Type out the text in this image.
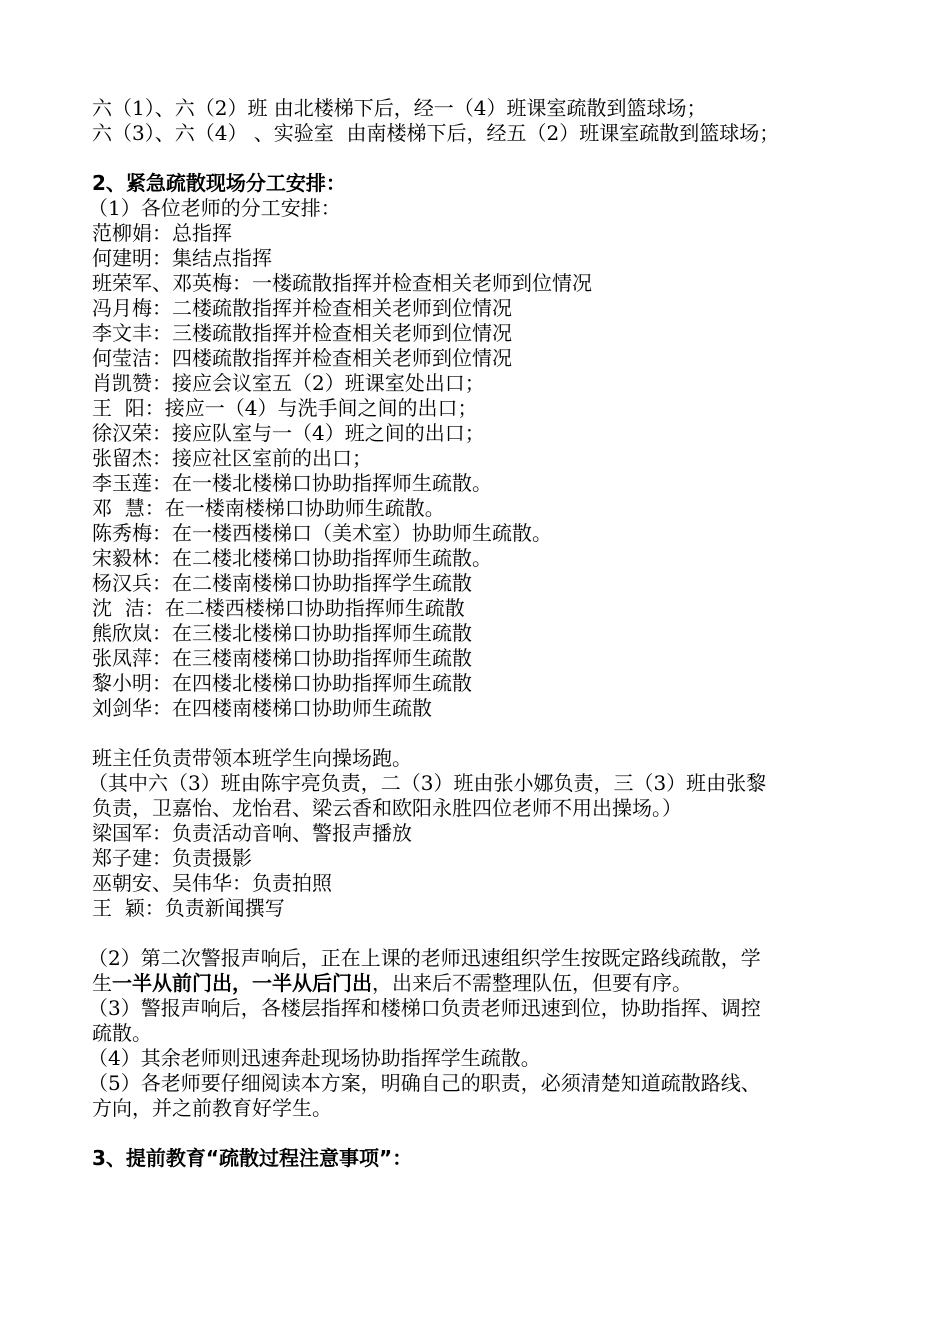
六（1）、六（2）班 由北楼梯下后，经一（4）班课室疏散到篮球场；
六（3）、六（4） 、实验室  由南楼梯下后，经五（2）班课室疏散到篮球场；
2、紧急疏散现场分工安排：
（1）各位老师的分工安排：
范柳娟：总指挥
何建明：集结点指挥
班荣军、邓英梅：一楼疏散指挥并检查相关老师到位情况
冯月梅：二楼疏散指挥并检查相关老师到位情况
李文丰：三楼疏散指挥并检查相关老师到位情况
何莹洁：四楼疏散指挥并检查相关老师到位情况
肖凯赞：接应会议室五（2）班课室处出口；
王  阳：接应一（4）与洗手间之间的出口；
徐汉荣：接应队室与一（4）班之间的出口；
张留杰：接应社区室前的出口；
李玉莲：在一楼北楼梯口协助指挥师生疏散。
邓  慧：在一楼南楼梯口协助师生疏散。
陈秀梅：在一楼西楼梯口（美术室）协助师生疏散。
宋毅林：在二楼北楼梯口协助指挥师生疏散。
杨汉兵：在二楼南楼梯口协助指挥学生疏散
沈  洁：在二楼西楼梯口协助指挥师生疏散
熊欣岚：在三楼北楼梯口协助指挥师生疏散
张凤萍：在三楼南楼梯口协助指挥师生疏散
黎小明：在四楼北楼梯口协助指挥师生疏散
刘剑华：在四楼南楼梯口协助师生疏散
班主任负责带领本班学生向操场跑。
（其中六（3）班由陈宇亮负责，二（3）班由张小娜负责，三（3）班由张黎
负责，卫嘉怡、龙怡君、梁云香和欧阳永胜四位老师不用出操场。）
梁国军：负责活动音响、警报声播放
郑子建：负责摄影
巫朝安、吴伟华：负责拍照
王  颖：负责新闻撰写
（2）第二次警报声响后，正在上课的老师迅速组织学生按既定路线疏散，学
生一半从前门出，一半从后门出，出来后不需整理队伍，但要有序。
（3）警报声响后，各楼层指挥和楼梯口负责老师迅速到位，协助指挥、调控
疏散。
（4）其余老师则迅速奔赴现场协助指挥学生疏散。
（5）各老师要仔细阅读本方案，明确自己的职责，必须清楚知道疏散路线、
方向，并之前教育好学生。
3、提前教育“疏散过程注意事项”：
